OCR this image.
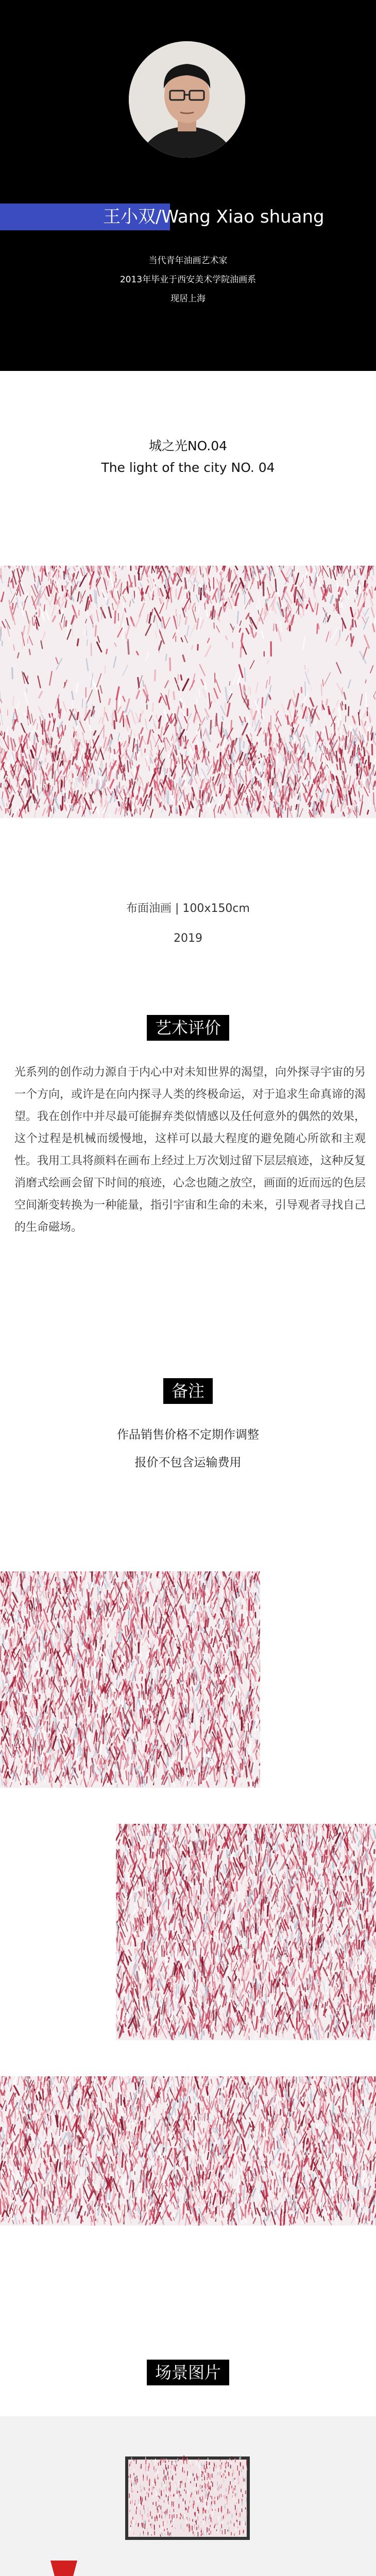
王小双/Wang Xiao shuang
当代青年油画艺术家
2013年毕业于西安美术学院油画系
现居上海
城之光NO.04
The light of the city NO. 04
布面油画 | 100x150cm
2019
艺术评价
光系列的创作动力源自于内心中对未知世界的渴望，向外探寻宇宙的另一个方向，或许是在向内探寻人类的终极命运，对于追求生命真谛的渴望。我在创作中并尽最可能摒弃类似情感以及任何意外的偶然的效果，这个过程是机械而缓慢地，这样可以最大程度的避免随心所欲和主观性。我用工具将颜料在画布上经过上万次划过留下层层痕迹，这种反复消磨式绘画会留下时间的痕迹，心念也随之放空，画面的近而远的色层空间渐变转换为一种能量，指引宇宙和生命的未来，引导观者寻找自己的生命磁场。
备注
作品销售价格不定期作调整
报价不包含运输费用
场景图片
